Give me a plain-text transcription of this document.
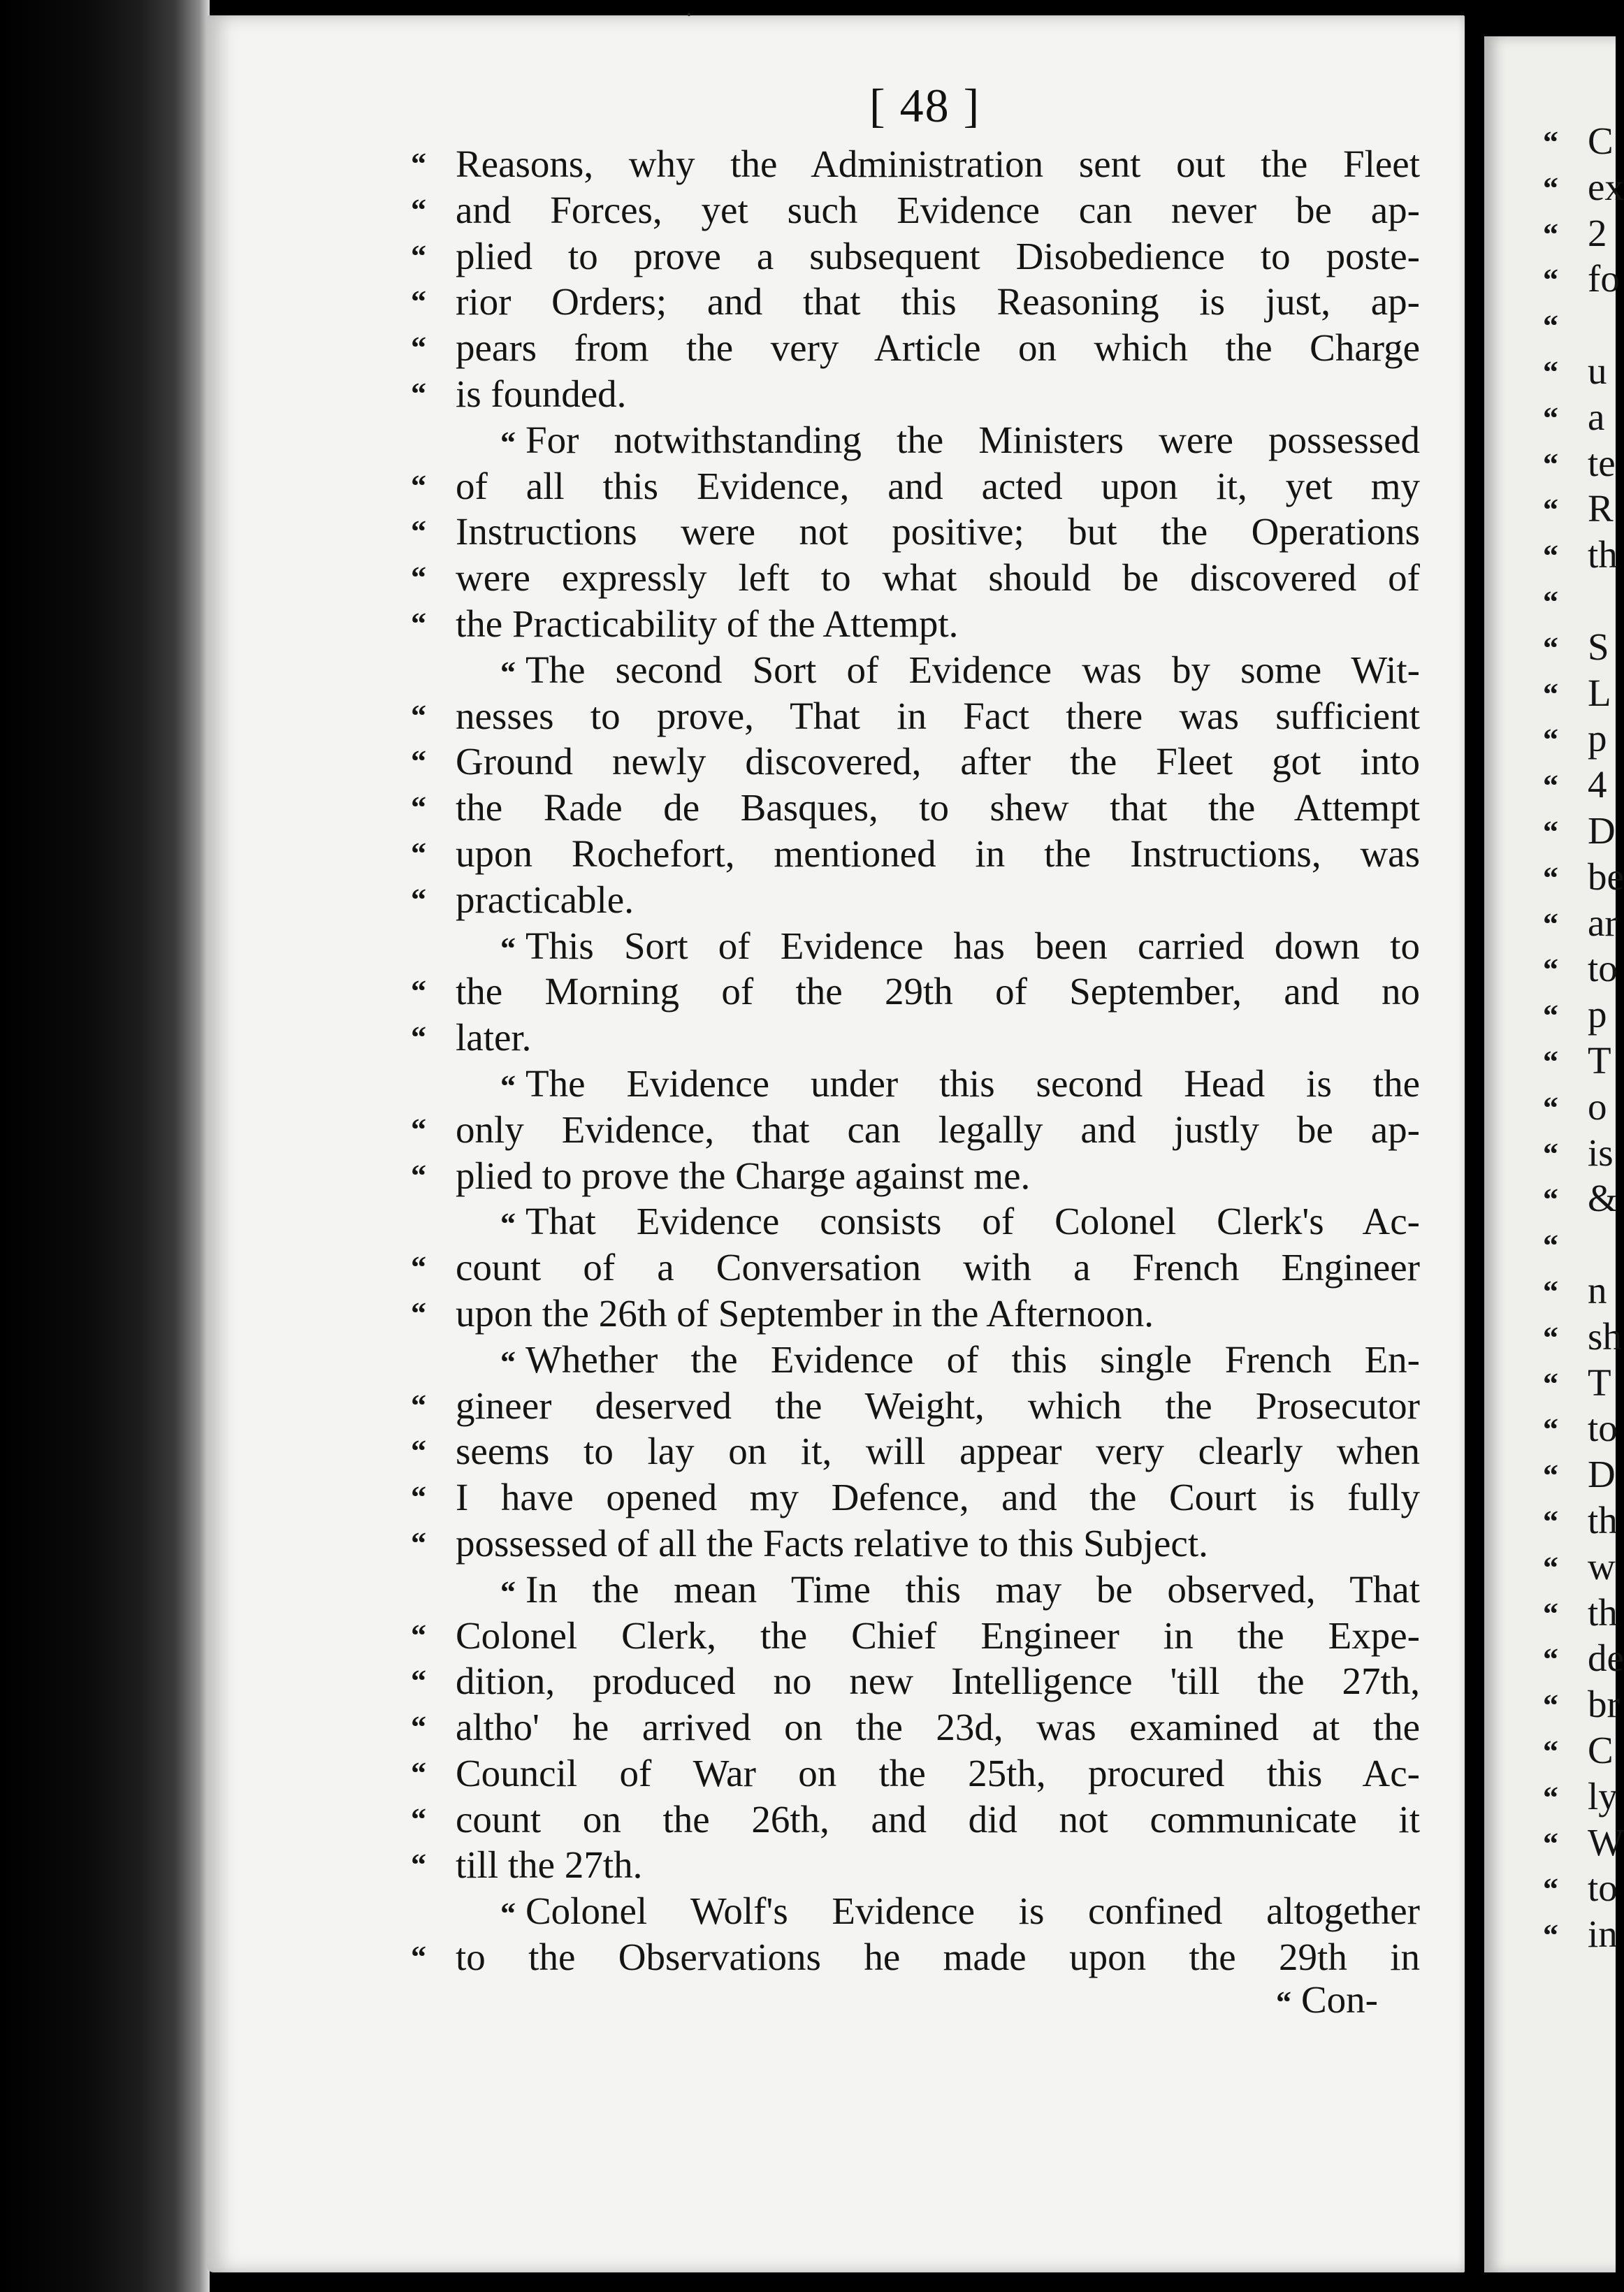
[ 48 ]
“ Reasons, why the Administration sent out the Fleet
“ and Forces, yet such Evidence can never be ap-
“ plied to prove a subsequent Disobedience to poste-
“ rior Orders; and that this Reasoning is just, ap-
“ pears from the very Article on which the Charge
“ is founded.
“ For notwithstanding the Ministers were possessed
“ of all this Evidence, and acted upon it, yet my
“ Instructions were not positive; but the Operations
“ were expressly left to what should be discovered of
“ the Practicability of the Attempt.
“ The second Sort of Evidence was by some Wit-
“ nesses to prove, That in Fact there was sufficient
“ Ground newly discovered, after the Fleet got into
“ the Rade de Basques, to shew that the Attempt
“ upon Rochefort, mentioned in the Instructions, was
“ practicable.
“ This Sort of Evidence has been carried down to
“ the Morning of the 29th of September, and no
“ later.
“ The Evidence under this second Head is the
“ only Evidence, that can legally and justly be ap-
“ plied to prove the Charge against me.
“ That Evidence consists of Colonel Clerk's Ac-
“ count of a Conversation with a French Engineer
“ upon the 26th of September in the Afternoon.
“ Whether the Evidence of this single French En-
“ gineer deserved the Weight, which the Prosecutor
“ seems to lay on it, will appear very clearly when
“ I have opened my Defence, and the Court is fully
“ possessed of all the Facts relative to this Subject.
“ In the mean Time this may be observed, That
“ Colonel Clerk, the Chief Engineer in the Expe-
“ dition, produced no new Intelligence 'till the 27th,
“ altho' he arrived on the 23d, was examined at the
“ Council of War on the 25th, procured this Ac-
“ count on the 26th, and did not communicate it
“ till the 27th.
“ Colonel Wolf's Evidence is confined altogether
“ to the Observations he made upon the 29th in
“ Con-
“ C
“ ex
“ 2
“ fo
“
“ u
“ a
“ te
“ R
“ th
“
“ S
“ L
“ p
“ 4
“ D
“ be
“ ar
“ to
“ p
“ T
“ o
“ is
“ &
“
“ n
“ sh
“ T
“ to
“ D
“ th
“ w
“ th
“ de
“ br
“ C
“ ly
“ W
“ to
“ in
·
